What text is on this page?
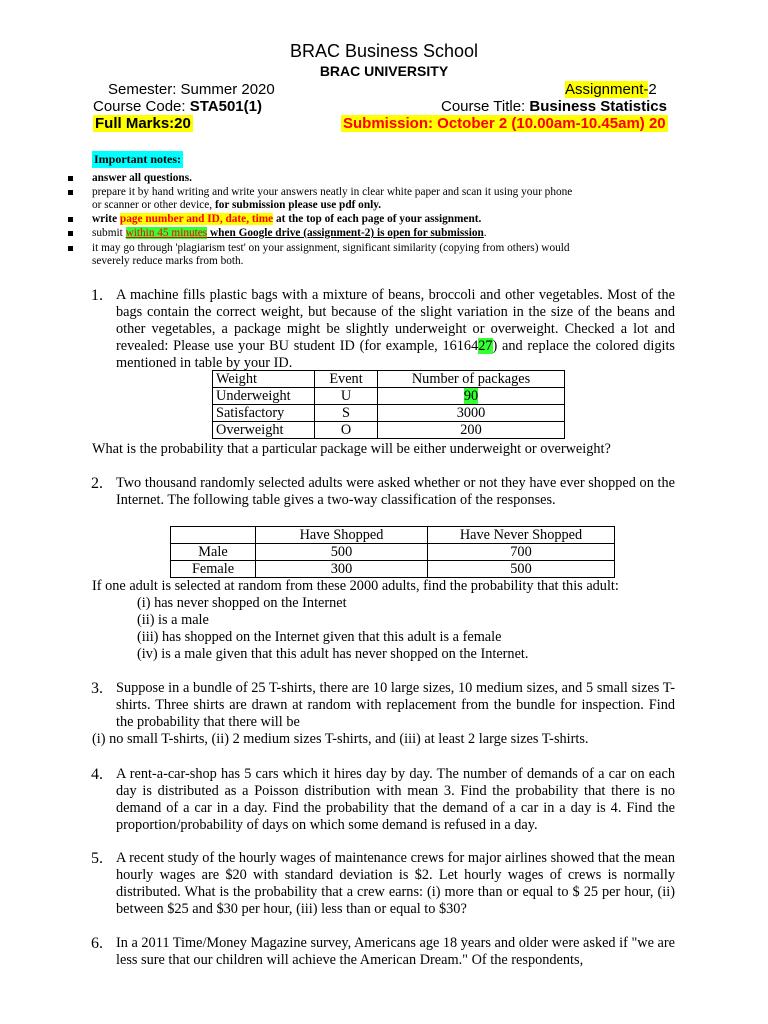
BRAC Business School
BRAC UNIVERSITY
Semester: Summer 2020	Assignment-2
Course Code: STA501(1)	Course Title: Business Statistics
Full Marks:20	Submission: October 2 (10.00am-10.45am) 20
Important notes:
answer all questions.
prepare it by hand writing and write your answers neatly in clear white paper and scan it using your phone
or scanner or other device, for submission please use pdf only.
write page number and ID, date, time at the top of each page of your assignment.
submit within 45 minutes when Google drive (assignment-2) is open for submission.
it may go through 'plagiarism test' on your assignment, significant similarity (copying from others) would
severely reduce marks from both.
1. A machine fills plastic bags with a mixture of beans, broccoli and other vegetables. Most of the bags contain the correct weight, but because of the slight variation in the size of the beans and other vegetables, a package might be slightly underweight or overweight. Checked a lot and revealed: Please use your BU student ID (for example, 1616427) and replace the colored digits mentioned in table by your ID.
Weight	Event	Number of packages
Underweight	U	90
Satisfactory	S	3000
Overweight	O	200
What is the probability that a particular package will be either underweight or overweight?
2. Two thousand randomly selected adults were asked whether or not they have ever shopped on the Internet. The following table gives a two-way classification of the responses.
	Have Shopped	Have Never Shopped
Male	500	700
Female	300	500
If one adult is selected at random from these 2000 adults, find the probability that this adult:
(i) has never shopped on the Internet
(ii) is a male
(iii) has shopped on the Internet given that this adult is a female
(iv) is a male given that this adult has never shopped on the Internet.
3. Suppose in a bundle of 25 T-shirts, there are 10 large sizes, 10 medium sizes, and 5 small sizes T-shirts. Three shirts are drawn at random with replacement from the bundle for inspection. Find the probability that there will be
(i) no small T-shirts, (ii) 2 medium sizes T-shirts, and (iii) at least 2 large sizes T-shirts.
4. A rent-a-car-shop has 5 cars which it hires day by day. The number of demands of a car on each day is distributed as a Poisson distribution with mean 3. Find the probability that there is no demand of a car in a day. Find the probability that the demand of a car in a day is 4. Find the proportion/probability of days on which some demand is refused in a day.
5. A recent study of the hourly wages of maintenance crews for major airlines showed that the mean hourly wages are $20 with standard deviation is $2. Let hourly wages of crews is normally distributed. What is the probability that a crew earns: (i) more than or equal to $ 25 per hour, (ii) between $25 and $30 per hour, (iii) less than or equal to $30?
6. In a 2011 Time/Money Magazine survey, Americans age 18 years and older were asked if "we are less sure that our children will achieve the American Dream." Of the respondents,
